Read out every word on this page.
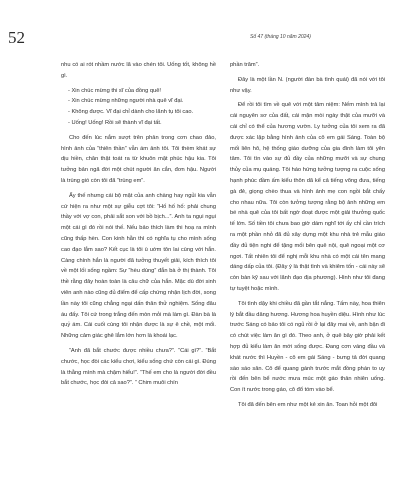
52	Số 47 (tháng 10 năm 2024)

nhu có ai rót nhầm nước lã vào chén tôi. Uống tốt, không hề gì.

- Xin chúc mừng thi sĩ của đồng quê!

- Xin chúc mừng những người nhà quê vĩ đại.

- Không được. Vĩ đại chỉ dành cho lãnh tụ tôi cao.

- Uống! Uống! Rồi sẽ thành vĩ đại tất.

Cho đến lúc nắm sượt trên phản trong cơn chao đảo, hình ảnh của “thiên thần” vẫn ám ảnh tôi. Tôi thèm khát sự dịu hiền, chân thật toát ra từ khuôn mặt phúc hậu kia. Tôi tưởng bản ngã đời một chút người ăn cắn, đơn hậu. Người là trùng gió còn tôi đã “trùng em”.

Ấy thế nhưng cái bộ mặt của anh chàng hay ngủi kia vẫn cứ hiện ra như một sự giễu cợt tôi: “Hố hố hố: phải chung thầy với vợ con, phải sắt son với bồ bịch...”. Anh ta ngụi ngụi một cái gì đó rồi nói thế. Nếu bảo thích làm thi hoạ ra mình cũng thấp hèn. Con kinh hằn thì có nghĩa tụ cho mình sống cao đạo lắm sao? Kết cục là tôi ù uớm tôn lai cùng với hắn. Càng chính hắn là người đã tưởng thuyết giải, kích thích tôi về một lối sống ngầm: Sự “hèu dùng” đắn bà ở thị thành. Tôi thề rằng đây hoàn toàn là câu chữ của hắn. Mặc dù đời sinh viên anh nào cũng đủ điểm để cấp chứng nhận lịch đời, song lần này tôi cũng chẳng ngại dấn thân thử nghiệm. Sống đâu áu đấy. Tôi cứ trong trắng đến mòn mỏi mà làm gì. Đàn bà là quỷ ám. Cái cuối cùng tôi nhận được là sự ê chề, một mối. Những cảm giác ghê lắm lớn hơn là khoái lạc.

“Anh đã bắt chước được nhiều chưa?”. “Cái gì?”. “Bắt chước, học đòi các kiểu chơi, kiểu sống chứ còn cái gì. Đúng là thằng mình mà chậm hiểu!”. “Thế em cho là người đời đều bắt chước, học đòi cả sao?”. “ Chim muôi chín

phần trăm”.

Đây là một lần N. (người đàn bà tình quái) đã nói với tôi như vậy.

Để rồi tôi tìm về quê với một tâm niệm: Nếm mình trả lại cái nguyên sơ của đất, cái mặn mòi ngày thật của mưỡi và cái chỉ có thể của hương vườn. Ly tưởng của tôi xem ra đã được xác lập bằng hình ảnh của cô em gái Sáng. Toàn bộ mối liên hô, hệ thống giáo dưỡng của gia đình làm tôi yên tâm. Tôi tìn vào sự đủ đầy của những mưỡi và sự chung thủy của mụ quáng. Tôi háo hứng tưởng tượng ra cuộc sống hạnh phúc đầm ấm kiểu thôn dã kể cả tiếng võng đưa, tiếng gà đẻ, giọng chèo thua và hình ảnh mẹ con ngồi bắt chấy cho nhau nữa. Tôi còn tưởng tượng rằng bộ ảnh những em bé nhà quê của tôi bất ngờ đoạt được một giải thưởng quốc tế lớn. Số tiền tôi chưa bao giờ dám nghĩ tới ấy chỉ cần trích ra một phần nhỏ đã đủ xây dựng một khu nhà trẻ mẫu giáo đầy đủ tiện nghi để tặng mối bên quê nội, quê ngoại một cơ ngơi. Tất nhiên tôi để nghị mỗi khu nhà có một cái tên mang dáng dấp của tôi. (Đây ý là thật tình và khiêm tốn - cái này sẽ còn bàn kỹ sau với lãnh đạo địa phương). Hình như tôi đang tự tuyệt hoặc mình.

Tôi tình dậy khi chiều đã gần tắt nắng. Tấm này, hoa thiên lý bắt đầu dâng hương. Hương hoa huyền diệu. Hình như lúc trước Sáng có bảo tôi có ngủ rồi ở lại đây mai về, anh bận đi có chút việc làm ăn gì đó. Theo anh, ở quê bây giờ phải kết hợp đủ kiểu làm ăn mới sống được. Đang cơn váng đầu và khát nước thì Huyền - cô em gái Sáng - bưng tả đời quang sào sáo sân. Cô để quang gánh trước mắt đồng phán to uy rồi đến bên bể nước mưa múc một gáo thản nhiên uống. Con ít nước trong gáo, cô đổ tóm vào bể.

Tôi đã đến bên em như một kẻ xin ăn. Toan hỏi một đôi
